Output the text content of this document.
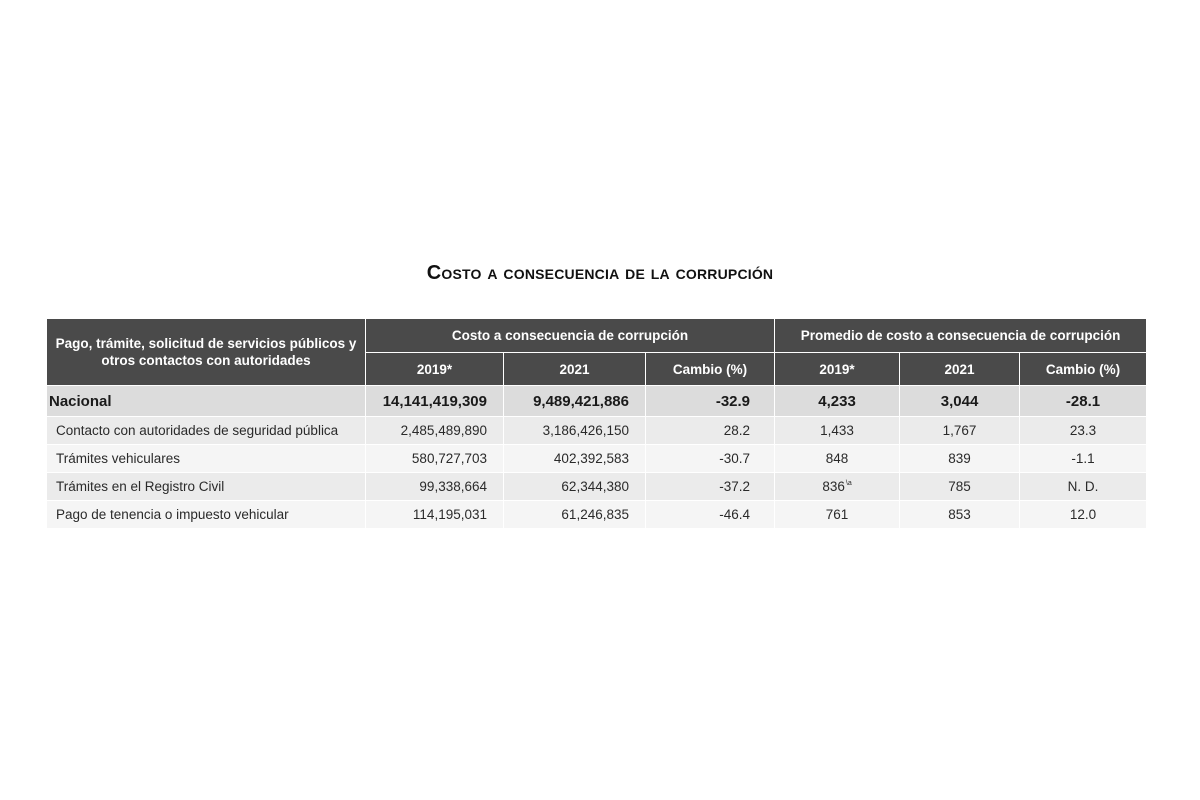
Costo a consecuencia de la corrupción
Pago, trámite, solicitud de servicios públicos y otros contactos con autoridades	Costo a consecuencia de corrupción			Promedio de costo a consecuencia de corrupción		
	2019*	2021	Cambio (%)	2019*	2021	Cambio (%)
Nacional	14,141,419,309	9,489,421,886	-32.9	4,233	3,044	-28.1
Contacto con autoridades de seguridad pública	2,485,489,890	3,186,426,150	28.2	1,433	1,767	23.3
Trámites vehiculares	580,727,703	402,392,583	-30.7	848	839	-1.1
Trámites en el Registro Civil	99,338,664	62,344,380	-37.2	836$^{\backslash a}$	785	N. D.
Pago de tenencia o impuesto vehicular	114,195,031	61,246,835	-46.4	761	853	12.0
